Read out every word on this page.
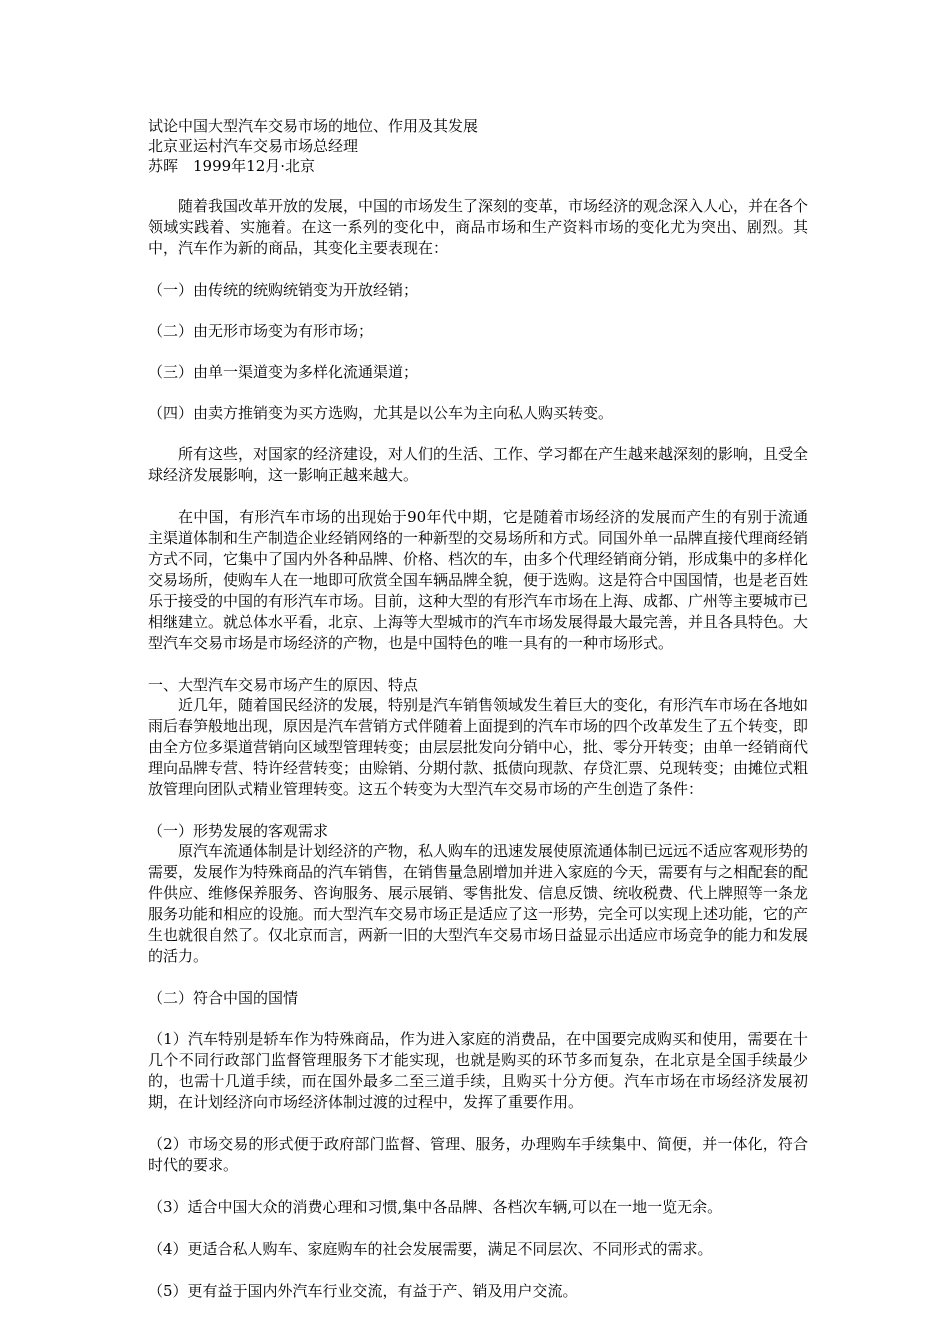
试论中国大型汽车交易市场的地位、作用及其发展

北京亚运村汽车交易市场总经理

苏晖　1999年12月·北京

随着我国改革开放的发展，中国的市场发生了深刻的变革，市场经济的观念深入人心，并在各个领域实践着、实施着。在这一系列的变化中，商品市场和生产资料市场的变化尤为突出、剧烈。其中，汽车作为新的商品，其变化主要表现在：

（一）由传统的统购统销变为开放经销；

（二）由无形市场变为有形市场；

（三）由单一渠道变为多样化流通渠道；

（四）由卖方推销变为买方选购，尤其是以公车为主向私人购买转变。

所有这些，对国家的经济建设，对人们的生活、工作、学习都在产生越来越深刻的影响，且受全球经济发展影响，这一影响正越来越大。

在中国，有形汽车市场的出现始于90年代中期，它是随着市场经济的发展而产生的有别于流通主渠道体制和生产制造企业经销网络的一种新型的交易场所和方式。同国外单一品牌直接代理商经销方式不同，它集中了国内外各种品牌、价格、档次的车，由多个代理经销商分销，形成集中的多样化交易场所，使购车人在一地即可欣赏全国车辆品牌全貌，便于选购。这是符合中国国情，也是老百姓乐于接受的中国的有形汽车市场。目前，这种大型的有形汽车市场在上海、成都、广州等主要城市已相继建立。就总体水平看，北京、上海等大型城市的汽车市场发展得最大最完善，并且各具特色。大型汽车交易市场是市场经济的产物，也是中国特色的唯一具有的一种市场形式。

一、大型汽车交易市场产生的原因、特点

近几年，随着国民经济的发展，特别是汽车销售领域发生着巨大的变化，有形汽车市场在各地如雨后春笋般地出现，原因是汽车营销方式伴随着上面提到的汽车市场的四个改革发生了五个转变，即由全方位多渠道营销向区域型管理转变；由层层批发向分销中心，批、零分开转变；由单一经销商代理向品牌专营、特许经营转变；由赊销、分期付款、抵债向现款、存贷汇票、兑现转变；由摊位式粗放管理向团队式精业管理转变。这五个转变为大型汽车交易市场的产生创造了条件：

（一）形势发展的客观需求

原汽车流通体制是计划经济的产物，私人购车的迅速发展使原流通体制已远远不适应客观形势的需要，发展作为特殊商品的汽车销售，在销售量急剧增加并进入家庭的今天，需要有与之相配套的配件供应、维修保养服务、咨询服务、展示展销、零售批发、信息反馈、统收税费、代上牌照等一条龙服务功能和相应的设施。而大型汽车交易市场正是适应了这一形势，完全可以实现上述功能，它的产生也就很自然了。仅北京而言，两新一旧的大型汽车交易市场日益显示出适应市场竞争的能力和发展的活力。

（二）符合中国的国情

（1）汽车特别是轿车作为特殊商品，作为进入家庭的消费品，在中国要完成购买和使用，需要在十几个不同行政部门监督管理服务下才能实现，也就是购买的环节多而复杂，在北京是全国手续最少的，也需十几道手续，而在国外最多二至三道手续，且购买十分方便。汽车市场在市场经济发展初期，在计划经济向市场经济体制过渡的过程中，发挥了重要作用。

（2）市场交易的形式便于政府部门监督、管理、服务，办理购车手续集中、简便，并一体化，符合时代的要求。

（3）适合中国大众的消费心理和习惯,集中各品牌、各档次车辆,可以在一地一览无余。

（4）更适合私人购车、家庭购车的社会发展需要，满足不同层次、不同形式的需求。

（5）更有益于国内外汽车行业交流，有益于产、销及用户交流。
